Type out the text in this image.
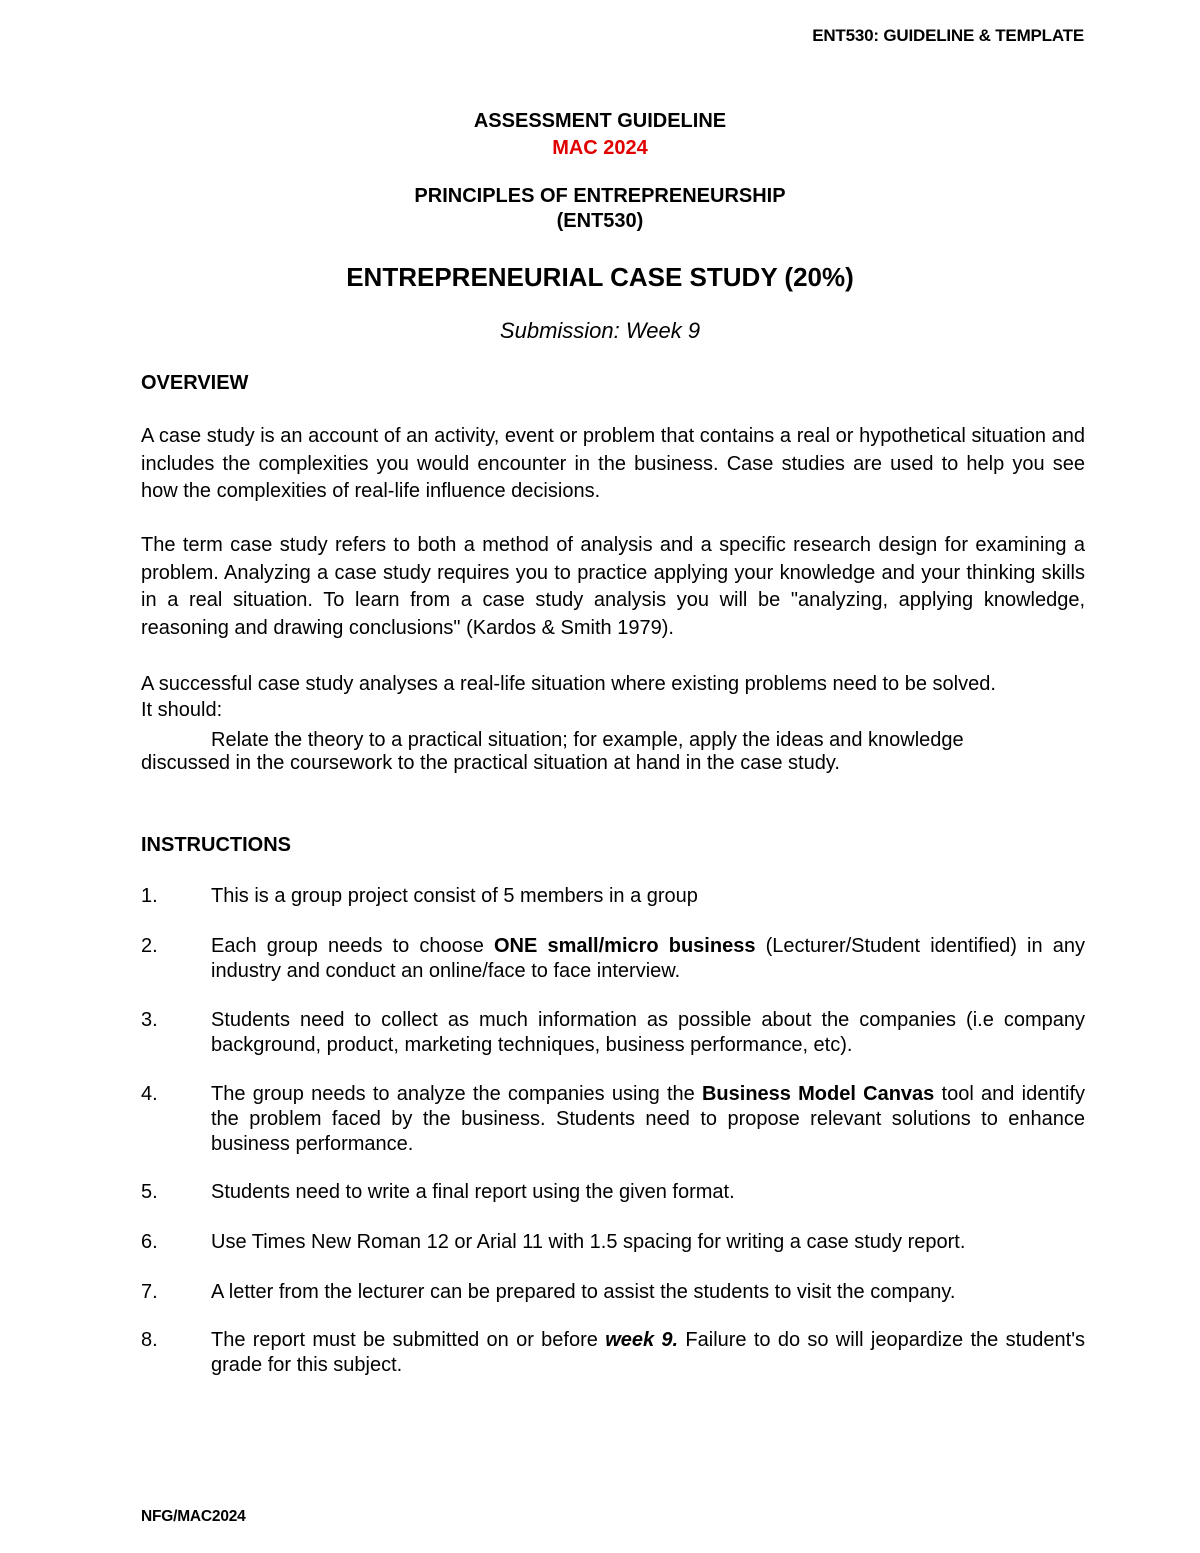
ENT530: GUIDELINE & TEMPLATE
ASSESSMENT GUIDELINE
MAC 2024
PRINCIPLES OF ENTREPRENEURSHIP
(ENT530)
ENTREPRENEURIAL CASE STUDY (20%)
Submission: Week 9
OVERVIEW
A case study is an account of an activity, event or problem that contains a real or hypothetical situation and includes the complexities you would encounter in the business. Case studies are used to help you see how the complexities of real-life influence decisions.
The term case study refers to both a method of analysis and a specific research design for examining a problem. Analyzing a case study requires you to practice applying your knowledge and your thinking skills in a real situation. To learn from a case study analysis you will be "analyzing, applying knowledge, reasoning and drawing conclusions" (Kardos & Smith 1979).
A successful case study analyses a real-life situation where existing problems need to be solved.
It should:
Relate the theory to a practical situation; for example, apply the ideas and knowledge
discussed in the coursework to the practical situation at hand in the case study.
INSTRUCTIONS
1.	This is a group project consist of 5 members in a group
2.	Each group needs to choose ONE small/micro business (Lecturer/Student identified) in any industry and conduct an online/face to face interview.
3.	Students need to collect as much information as possible about the companies (i.e company background, product, marketing techniques, business performance, etc).
4.	The group needs to analyze the companies using the Business Model Canvas tool and identify the problem faced by the business. Students need to propose relevant solutions to enhance business performance.
5.	Students need to write a final report using the given format.
6.	Use Times New Roman 12 or Arial 11 with 1.5 spacing for writing a case study report.
7.	A letter from the lecturer can be prepared to assist the students to visit the company.
8.	The report must be submitted on or before week 9. Failure to do so will jeopardize the student's grade for this subject.
NFG/MAC2024
